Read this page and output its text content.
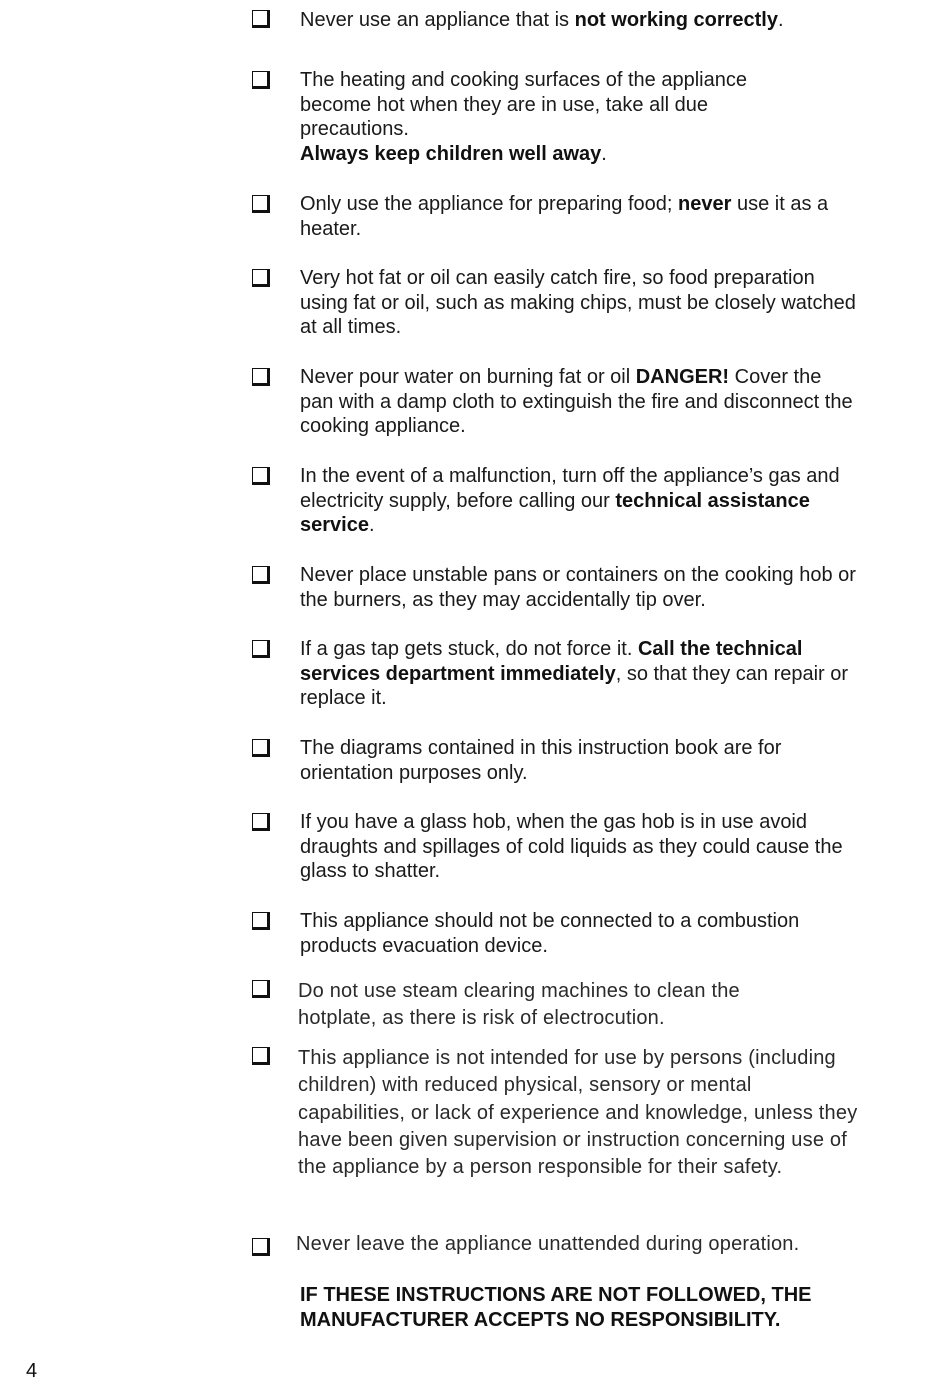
Never use an appliance that is not working correctly.
The heating and cooking surfaces of the appliance become hot when they are in use, take all due precautions.
Always keep children well away.
Only use the appliance for preparing food; never use it as a heater.
Very hot fat or oil can easily catch fire, so food preparation using fat or oil, such as making chips, must be closely watched at all times.
Never pour water on burning fat or oil DANGER! Cover the pan with a damp cloth to extinguish the fire and disconnect the cooking appliance.
In the event of a malfunction, turn off the appliance’s gas and electricity supply, before calling our technical assistance service.
Never place unstable pans or containers on the cooking hob or the burners, as they may accidentally tip over.
If a gas tap gets stuck, do not force it. Call the technical services department immediately, so that they can repair or replace it.
The diagrams contained in this instruction book are for orientation purposes only.
If you have a glass hob, when the gas hob is in use avoid draughts and spillages of cold liquids as they could cause the glass to shatter.
This appliance should not be connected to a combustion products evacuation device.
Do not use steam clearing machines to clean the hotplate, as there is risk of electrocution.
This appliance is not intended for use by persons (including children) with reduced physical, sensory or mental capabilities, or lack of experience and knowledge, unless they have been given supervision or instruction concerning use of the appliance by a person responsible for their safety.
Never leave the appliance unattended during operation.
IF THESE INSTRUCTIONS ARE NOT FOLLOWED, THE MANUFACTURER ACCEPTS NO RESPONSIBILITY.
4
